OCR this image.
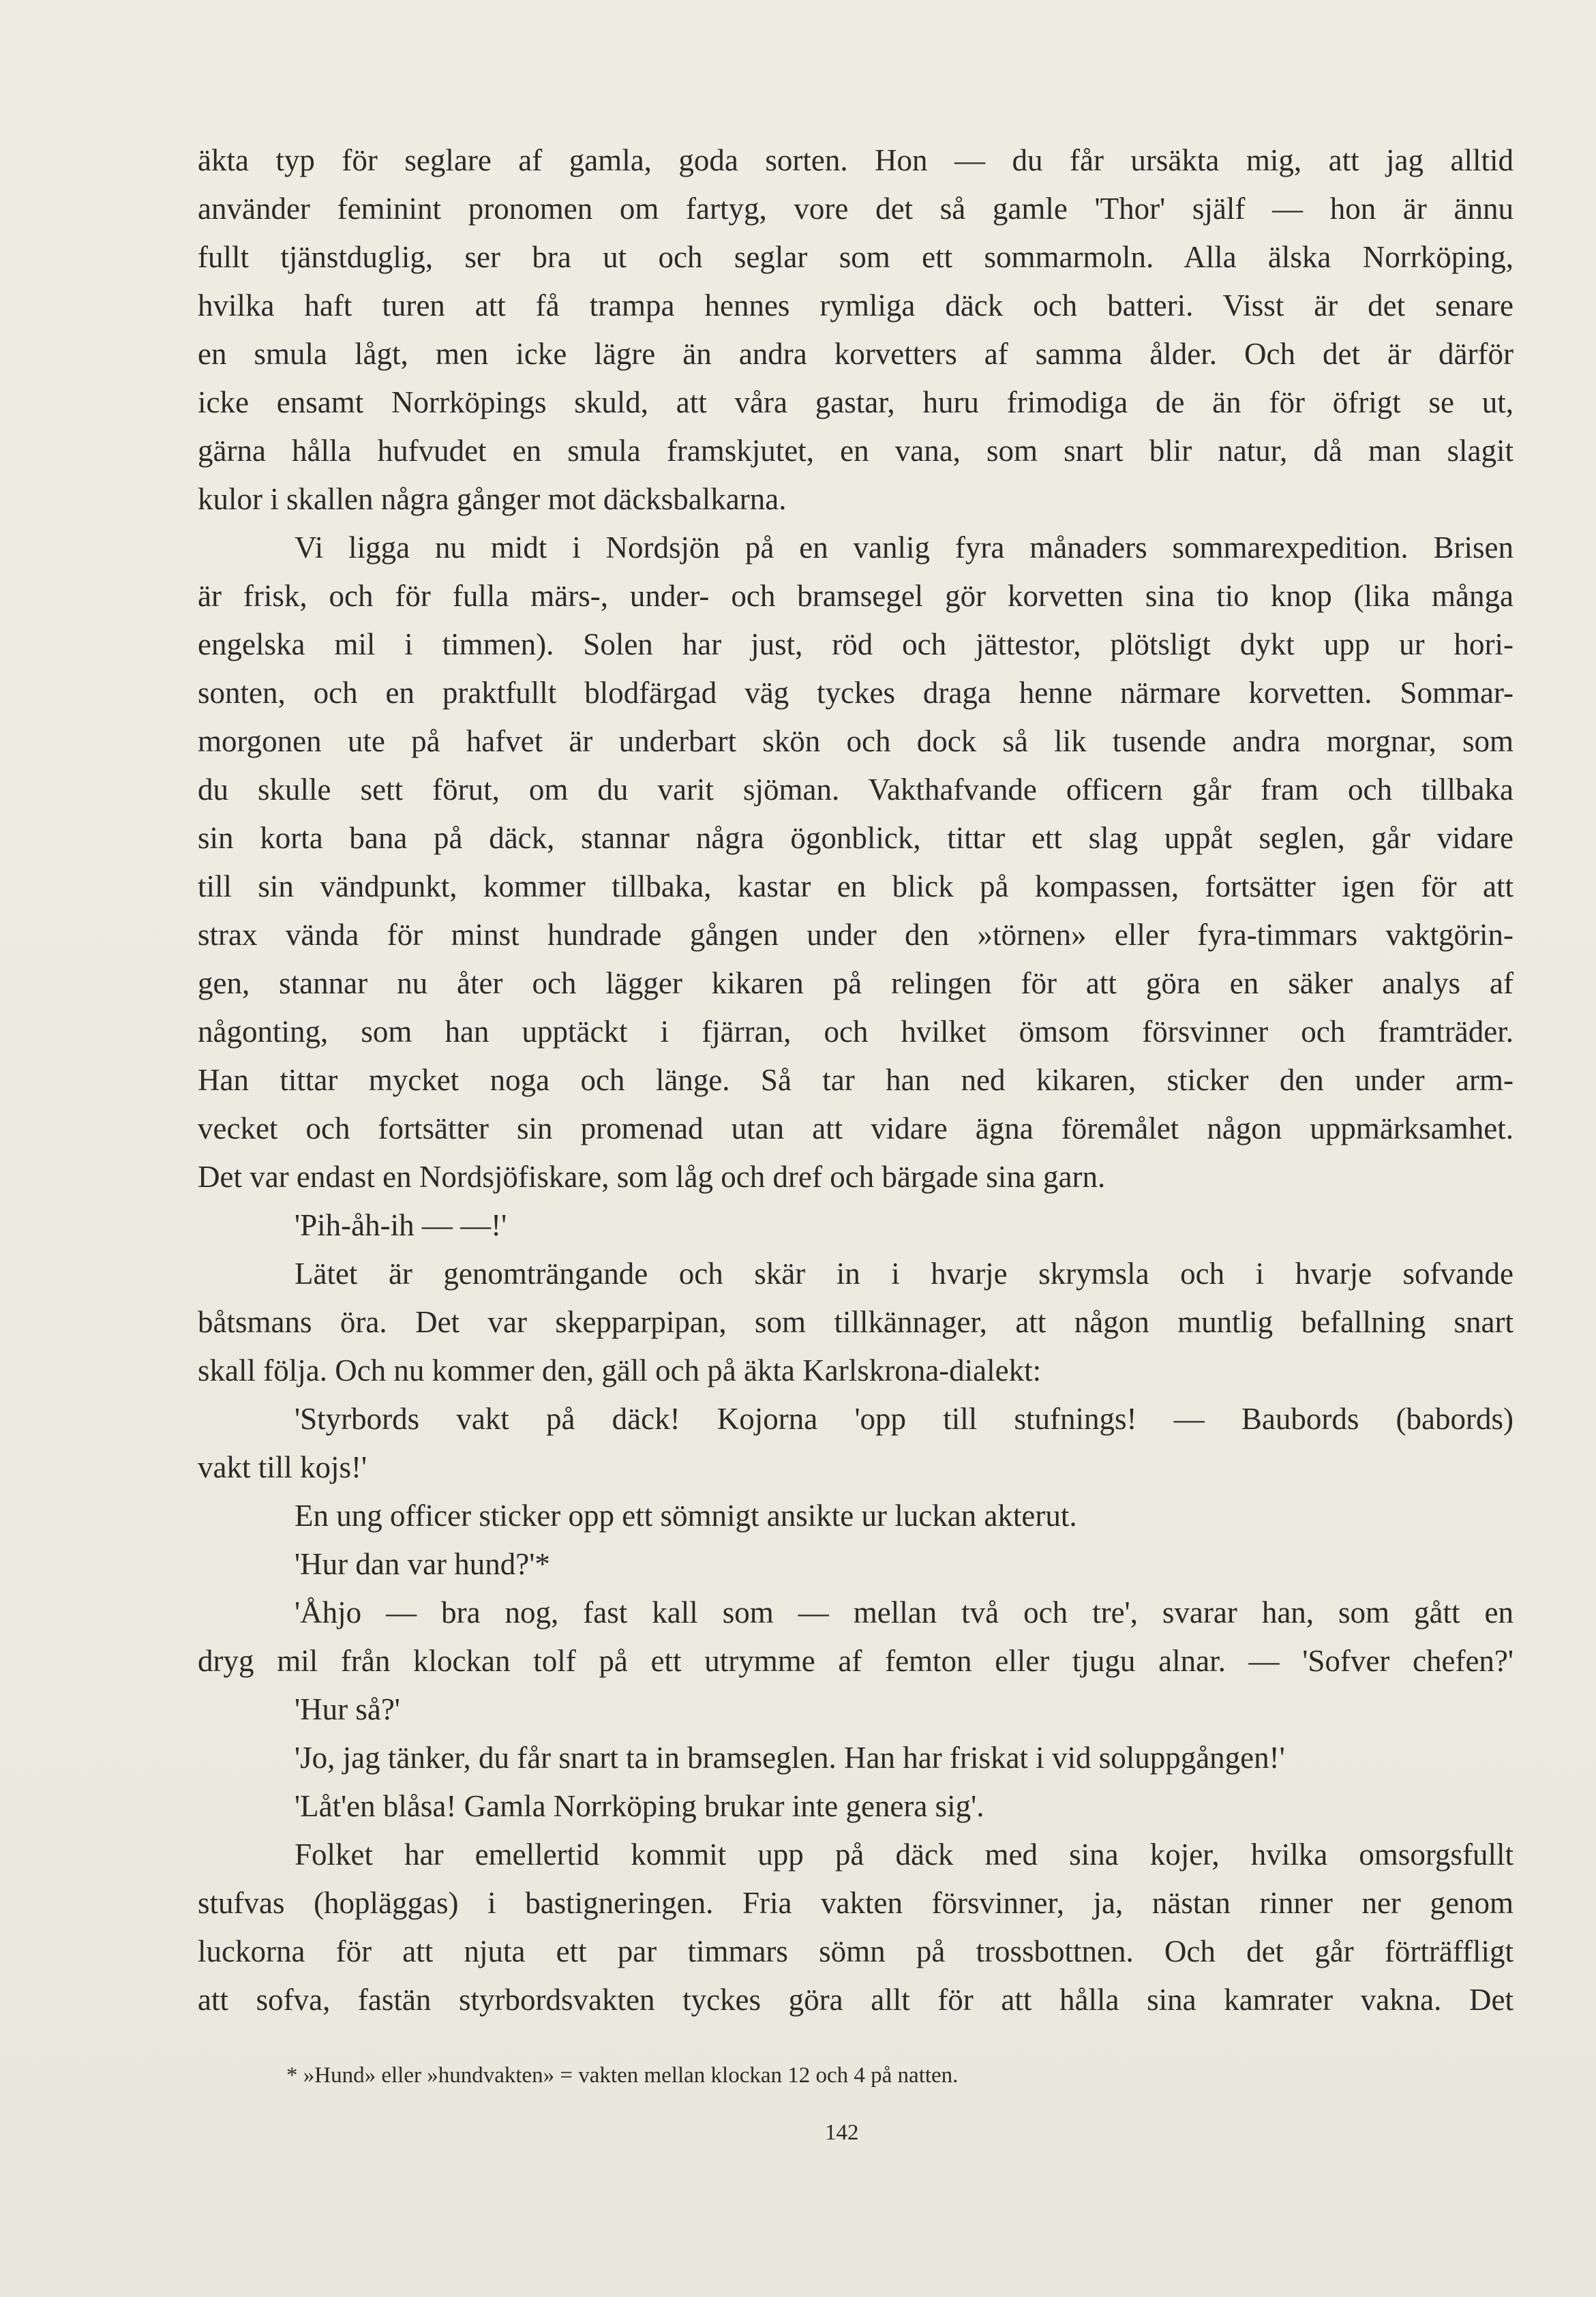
äkta typ för seglare af gamla, goda sorten. Hon — du får ursäkta mig, att jag alltid
använder feminint pronomen om fartyg, vore det så gamle 'Thor' själf — hon är ännu
fullt tjänstduglig, ser bra ut och seglar som ett sommarmoln. Alla älska Norrköping,
hvilka haft turen att få trampa hennes rymliga däck och batteri. Visst är det senare
en smula lågt, men icke lägre än andra korvetters af samma ålder. Och det är därför
icke ensamt Norrköpings skuld, att våra gastar, huru frimodiga de än för öfrigt se ut,
gärna hålla hufvudet en smula framskjutet, en vana, som snart blir natur, då man slagit
kulor i skallen några gånger mot däcksbalkarna.
Vi ligga nu midt i Nordsjön på en vanlig fyra månaders sommarexpedition. Brisen
är frisk, och för fulla märs-, under- och bramsegel gör korvetten sina tio knop (lika många
engelska mil i timmen). Solen har just, röd och jättestor, plötsligt dykt upp ur hori-
sonten, och en praktfullt blodfärgad väg tyckes draga henne närmare korvetten. Sommar-
morgonen ute på hafvet är underbart skön och dock så lik tusende andra morgnar, som
du skulle sett förut, om du varit sjöman. Vakthafvande officern går fram och tillbaka
sin korta bana på däck, stannar några ögonblick, tittar ett slag uppåt seglen, går vidare
till sin vändpunkt, kommer tillbaka, kastar en blick på kompassen, fortsätter igen för att
strax vända för minst hundrade gången under den »törnen» eller fyra-timmars vaktgörin-
gen, stannar nu åter och lägger kikaren på relingen för att göra en säker analys af
någonting, som han upptäckt i fjärran, och hvilket ömsom försvinner och framträder.
Han tittar mycket noga och länge. Så tar han ned kikaren, sticker den under arm-
vecket och fortsätter sin promenad utan att vidare ägna föremålet någon uppmärksamhet.
Det var endast en Nordsjöfiskare, som låg och dref och bärgade sina garn.
'Pih-åh-ih — —!'
Lätet är genomträngande och skär in i hvarje skrymsla och i hvarje sofvande
båtsmans öra. Det var skepparpipan, som tillkännager, att någon muntlig befallning snart
skall följa. Och nu kommer den, gäll och på äkta Karlskrona-dialekt:
'Styrbords vakt på däck! Kojorna 'opp till stufnings! — Baubords (babords)
vakt till kojs!'
En ung officer sticker opp ett sömnigt ansikte ur luckan akterut.
'Hur dan var hund?'*
'Åhjo — bra nog, fast kall som — mellan två och tre', svarar han, som gått en
dryg mil från klockan tolf på ett utrymme af femton eller tjugu alnar. — 'Sofver chefen?'
'Hur så?'
'Jo, jag tänker, du får snart ta in bramseglen. Han har friskat i vid soluppgången!'
'Låt'en blåsa! Gamla Norrköping brukar inte genera sig'.
Folket har emellertid kommit upp på däck med sina kojer, hvilka omsorgsfullt
stufvas (hopläggas) i bastigneringen. Fria vakten försvinner, ja, nästan rinner ner genom
luckorna för att njuta ett par timmars sömn på trossbottnen. Och det går förträffligt
att sofva, fastän styrbordsvakten tyckes göra allt för att hålla sina kamrater vakna. Det
* »Hund» eller »hundvakten» = vakten mellan klockan 12 och 4 på natten.
142
